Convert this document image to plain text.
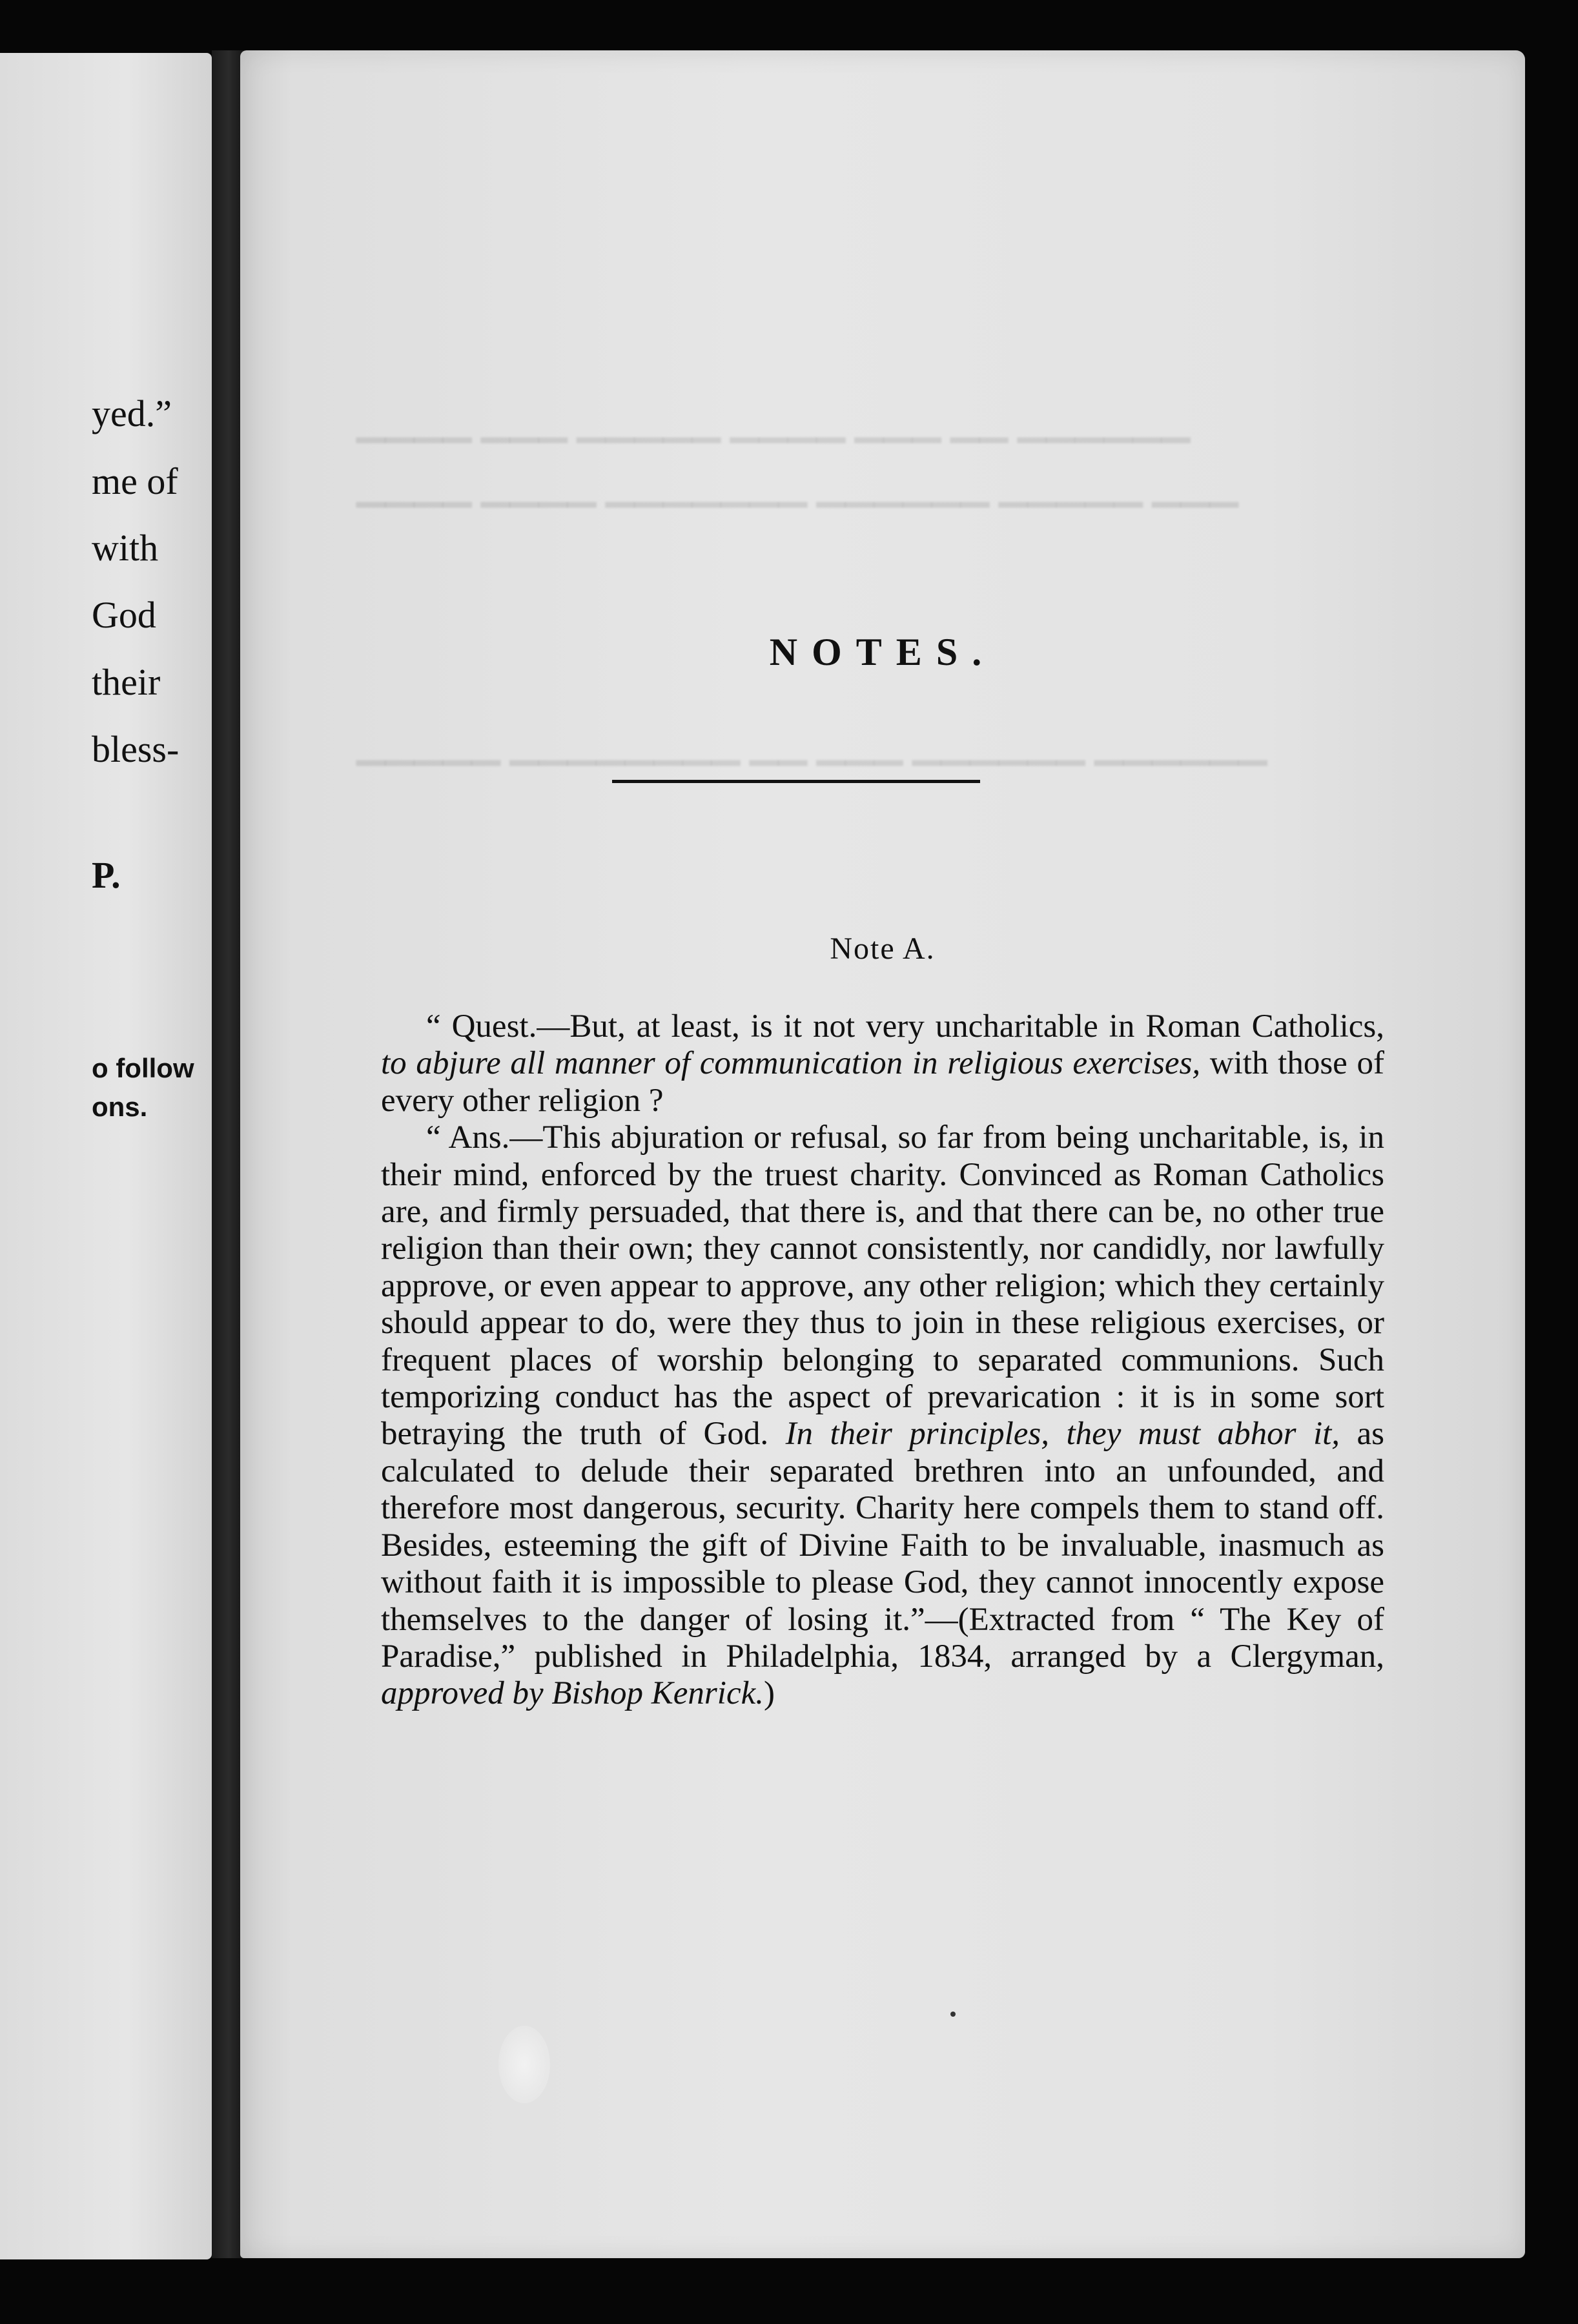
yed.”
me of
with
God
their
bless-
P.
o follow
ons.
▁▁▁▁ ▁▁▁ ▁▁▁▁▁ ▁▁▁▁ ▁▁▁ ▁▁ ▁▁▁▁▁▁
▁▁▁▁ ▁▁▁▁ ▁▁▁▁▁▁▁ ▁▁▁▁▁▁ ▁▁▁▁▁ ▁▁▁
▁▁▁▁▁ ▁▁▁▁▁▁▁▁ ▁▁ ▁▁▁ ▁▁▁▁▁▁ ▁▁▁▁▁▁
NOTES.
Note A.

“ Quest.—But, at least, is it not very uncharitable in Roman Catholics, to abjure all manner of communication in religious exercises, with those of every other religion ?

“ Ans.—This abjuration or refusal, so far from being uncharitable, is, in their mind, enforced by the truest charity. Convinced as Roman Catholics are, and firmly persuaded, that there is, and that there can be, no other true religion than their own; they cannot consistently, nor candidly, nor lawfully approve, or even appear to approve, any other religion; which they certainly should appear to do, were they thus to join in these religious exercises, or frequent places of worship belonging to separated communions. Such temporizing conduct has the aspect of prevarication : it is in some sort betraying the truth of God. In their principles, they must abhor it, as calculated to delude their separated brethren into an unfounded, and therefore most dangerous, security. Charity here compels them to stand off. Besides, esteeming the gift of Divine Faith to be invaluable, inasmuch as without faith it is impossible to please God, they cannot innocently expose themselves to the danger of losing it.”—(Extracted from “ The Key of Paradise,” published in Philadelphia, 1834, arranged by a Clergyman, approved by Bishop Kenrick.)
